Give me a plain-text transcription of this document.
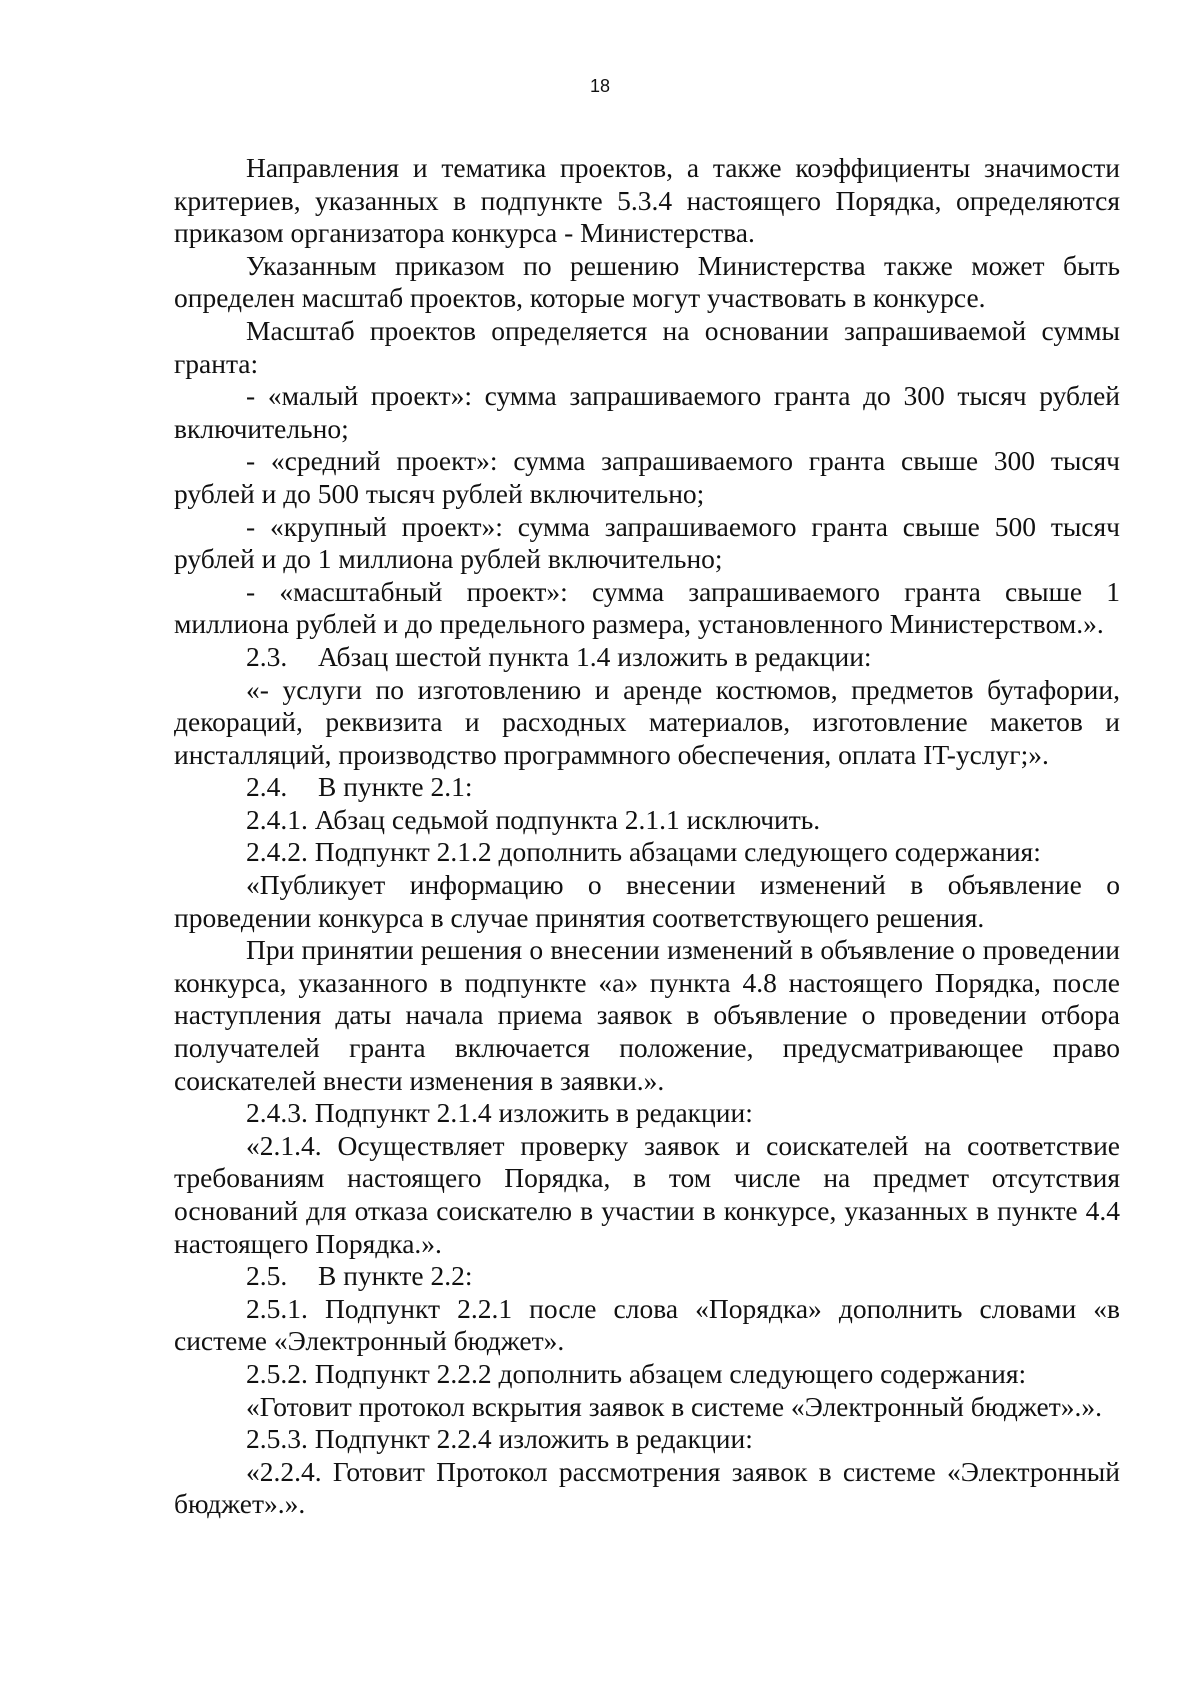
18

Направления и тематика проектов, а также коэффициенты значимости критериев, указанных в подпункте 5.3.4 настоящего Порядка, определяются приказом организатора конкурса - Министерства.

Указанным приказом по решению Министерства также может быть определен масштаб проектов, которые могут участвовать в конкурсе.

Масштаб проектов определяется на основании запрашиваемой суммы гранта:

- «малый проект»: сумма запрашиваемого гранта до 300 тысяч рублей включительно;

- «средний проект»: сумма запрашиваемого гранта свыше 300 тысяч рублей и до 500 тысяч рублей включительно;

- «крупный проект»: сумма запрашиваемого гранта свыше 500 тысяч рублей и до 1 миллиона рублей включительно;

- «масштабный проект»: сумма запрашиваемого гранта свыше 1 миллиона рублей и до предельного размера, установленного Министерством.».

2.3. Абзац шестой пункта 1.4 изложить в редакции:

«- услуги по изготовлению и аренде костюмов, предметов бутафории, декораций, реквизита и расходных материалов, изготовление макетов и инсталляций, производство программного обеспечения, оплата IT-услуг;».

2.4. В пункте 2.1:

2.4.1. Абзац седьмой подпункта 2.1.1 исключить.

2.4.2. Подпункт 2.1.2 дополнить абзацами следующего содержания:

«Публикует информацию о внесении изменений в объявление о проведении конкурса в случае принятия соответствующего решения.

При принятии решения о внесении изменений в объявление о проведении конкурса, указанного в подпункте «а» пункта 4.8 настоящего Порядка, после наступления даты начала приема заявок в объявление о проведении отбора получателей гранта включается положение, предусматривающее право соискателей внести изменения в заявки.».

2.4.3. Подпункт 2.1.4 изложить в редакции:

«2.1.4. Осуществляет проверку заявок и соискателей на соответствие требованиям настоящего Порядка, в том числе на предмет отсутствия оснований для отказа соискателю в участии в конкурсе, указанных в пункте 4.4 настоящего Порядка.».

2.5. В пункте 2.2:

2.5.1. Подпункт 2.2.1 после слова «Порядка» дополнить словами «в системе «Электронный бюджет».

2.5.2. Подпункт 2.2.2 дополнить абзацем следующего содержания:

«Готовит протокол вскрытия заявок в системе «Электронный бюджет».».

2.5.3. Подпункт 2.2.4 изложить в редакции:

«2.2.4. Готовит Протокол рассмотрения заявок в системе «Электронный бюджет».».
